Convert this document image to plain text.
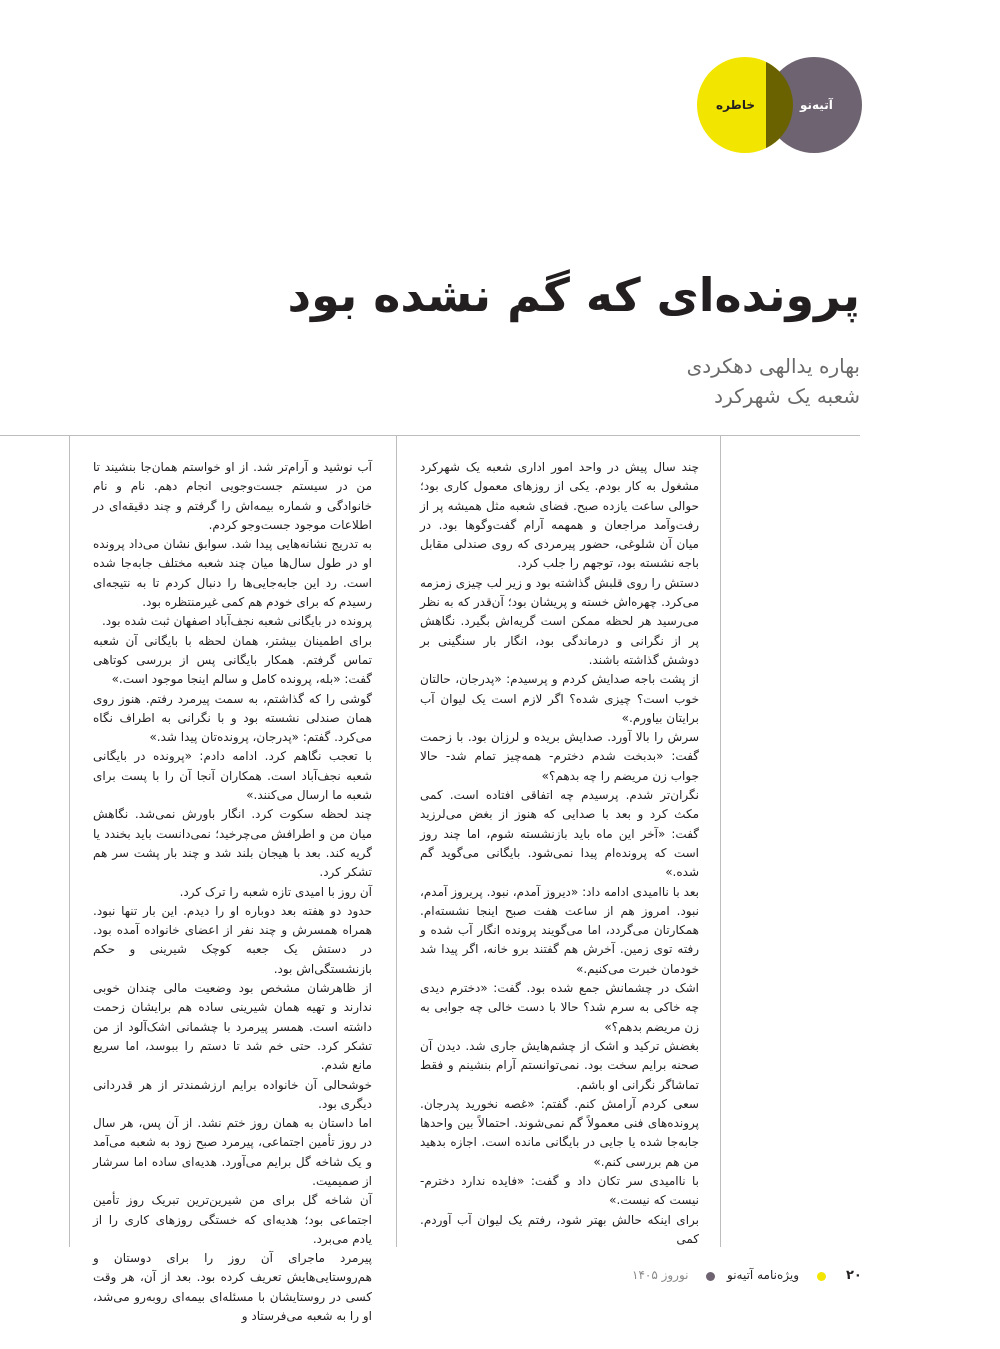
آتیه‌نو
خاطره
پرونده‌ای که گم نشده بود
بهاره یدالهی دهکردی
شعبه یک شهرکرد

چند سال پیش در واحد امور اداری شعبه یک شهرکرد مشغول به کار بودم. یکی از روزهای معمول کاری بود؛ حوالی ساعت یازده صبح. فضای شعبه مثل همیشه پر از رفت‌وآمد مراجعان و همهمه آرام گفت‌وگوها بود. در میان آن شلوغی، حضور پیرمردی که روی صندلی مقابل باجه نشسته بود، توجهم را جلب کرد.

دستش را روی قلبش گذاشته بود و زیر لب چیزی زمزمه می‌کرد. چهره‌اش خسته و پریشان بود؛ آن‌قدر که به نظر می‌رسید هر لحظه ممکن است گریه‌اش بگیرد. نگاهش پر از نگرانی و درماندگی بود، انگار بار سنگینی بر دوشش گذاشته باشند.

از پشت باجه صدایش کردم و پرسیدم: «پدرجان، حالتان خوب است؟ چیزی شده؟ اگر لازم است یک لیوان آب برایتان بیاورم.»

سرش را بالا آورد. صدایش بریده و لرزان بود. با زحمت گفت: «بدبخت شدم دخترم- همه‌چیز تمام شد- حالا جواب زن مریضم را چه بدهم؟»

نگران‌تر شدم. پرسیدم چه اتفاقی افتاده است. کمی مکث کرد و بعد با صدایی که هنوز از بغض می‌لرزید گفت: «آخر این ماه باید بازنشسته شوم، اما چند روز است که پرونده‌ام پیدا نمی‌شود. بایگانی می‌گوید گم شده.»

بعد با ناامیدی ادامه داد: «دیروز آمدم، نبود. پریروز آمدم، نبود. امروز هم از ساعت هفت صبح اینجا نشسته‌ام. همکارتان می‌گردد، اما می‌گویند پرونده انگار آب شده و رفته توی زمین. آخرش هم گفتند برو خانه، اگر پیدا شد خودمان خبرت می‌کنیم.»

اشک در چشمانش جمع شده بود. گفت: «دخترم دیدی چه خاکی به سرم شد؟ حالا با دست خالی چه جوابی به زن مریضم بدهم؟»

بغضش ترکید و اشک از چشم‌هایش جاری شد. دیدن آن صحنه برایم سخت بود. نمی‌توانستم آرام بنشینم و فقط تماشاگر نگرانی او باشم.

سعی کردم آرامش کنم. گفتم: «غصه نخورید پدرجان. پرونده‌های فنی معمولاً گم نمی‌شوند. احتمالاً بین واحدها جابه‌جا شده یا جایی در بایگانی مانده است. اجازه بدهید من هم بررسی کنم.»

با ناامیدی سر تکان داد و گفت: «فایده ندارد دخترم- نیست که نیست.»

برای اینکه حالش بهتر شود، رفتم یک لیوان آب آوردم. کمی

آب نوشید و آرام‌تر شد. از او خواستم همان‌جا بنشیند تا من در سیستم جست‌وجویی انجام دهم. نام و نام خانوادگی و شماره بیمه‌اش را گرفتم و چند دقیقه‌ای در اطلاعات موجود جست‌وجو کردم.

به تدریج نشانه‌هایی پیدا شد. سوابق نشان می‌داد پرونده او در طول سال‌ها میان چند شعبه مختلف جابه‌جا شده است. رد این جابه‌جایی‌ها را دنبال کردم تا به نتیجه‌ای رسیدم که برای خودم هم کمی غیرمنتظره بود.

پرونده در بایگانی شعبه نجف‌آباد اصفهان ثبت شده بود.

برای اطمینان بیشتر، همان لحظه با بایگانی آن شعبه تماس گرفتم. همکار بایگانی پس از بررسی کوتاهی گفت: «بله، پرونده کامل و سالم اینجا موجود است.»

گوشی را که گذاشتم، به سمت پیرمرد رفتم. هنوز روی همان صندلی نشسته بود و با نگرانی به اطراف نگاه می‌کرد. گفتم: «پدرجان، پرونده‌تان پیدا شد.»

با تعجب نگاهم کرد. ادامه دادم: «پرونده در بایگانی شعبه نجف‌آباد است. همکاران آنجا آن را با پست برای شعبه ما ارسال می‌کنند.»

چند لحظه سکوت کرد. انگار باورش نمی‌شد. نگاهش میان من و اطرافش می‌چرخید؛ نمی‌دانست باید بخندد یا گریه کند. بعد با هیجان بلند شد و چند بار پشت سر هم تشکر کرد.

آن روز با امیدی تازه شعبه را ترک کرد.

حدود دو هفته بعد دوباره او را دیدم. این بار تنها نبود. همراه همسرش و چند نفر از اعضای خانواده آمده بود. در دستش یک جعبه کوچک شیرینی و حکم بازنشستگی‌اش بود.

از ظاهرشان مشخص بود وضعیت مالی چندان خوبی ندارند و تهیه همان شیرینی ساده هم برایشان زحمت داشته است. همسر پیرمرد با چشمانی اشک‌آلود از من تشکر کرد. حتی خم شد تا دستم را ببوسد، اما سریع مانع شدم.

خوشحالی آن خانواده برایم ارزشمندتر از هر قدردانی دیگری بود.

اما داستان به همان روز ختم نشد. از آن پس، هر سال در روز تأمین اجتماعی، پیرمرد صبح زود به شعبه می‌آمد و یک شاخه گل برایم می‌آورد. هدیه‌ای ساده اما سرشار از صمیمیت.

آن شاخه گل برای من شیرین‌ترین تبریک روز تأمین اجتماعی بود؛ هدیه‌ای که خستگی روزهای کاری را از یادم می‌برد.

پیرمرد ماجرای آن روز را برای دوستان و هم‌روستایی‌هایش تعریف کرده بود. بعد از آن، هر وقت کسی در روستایشان با مسئله‌ای بیمه‌ای روبه‌رو می‌شد، او را به شعبه می‌فرستاد و

۲۰
ویژه‌نامه آتیه‌نو
نوروز ۱۴۰۵
